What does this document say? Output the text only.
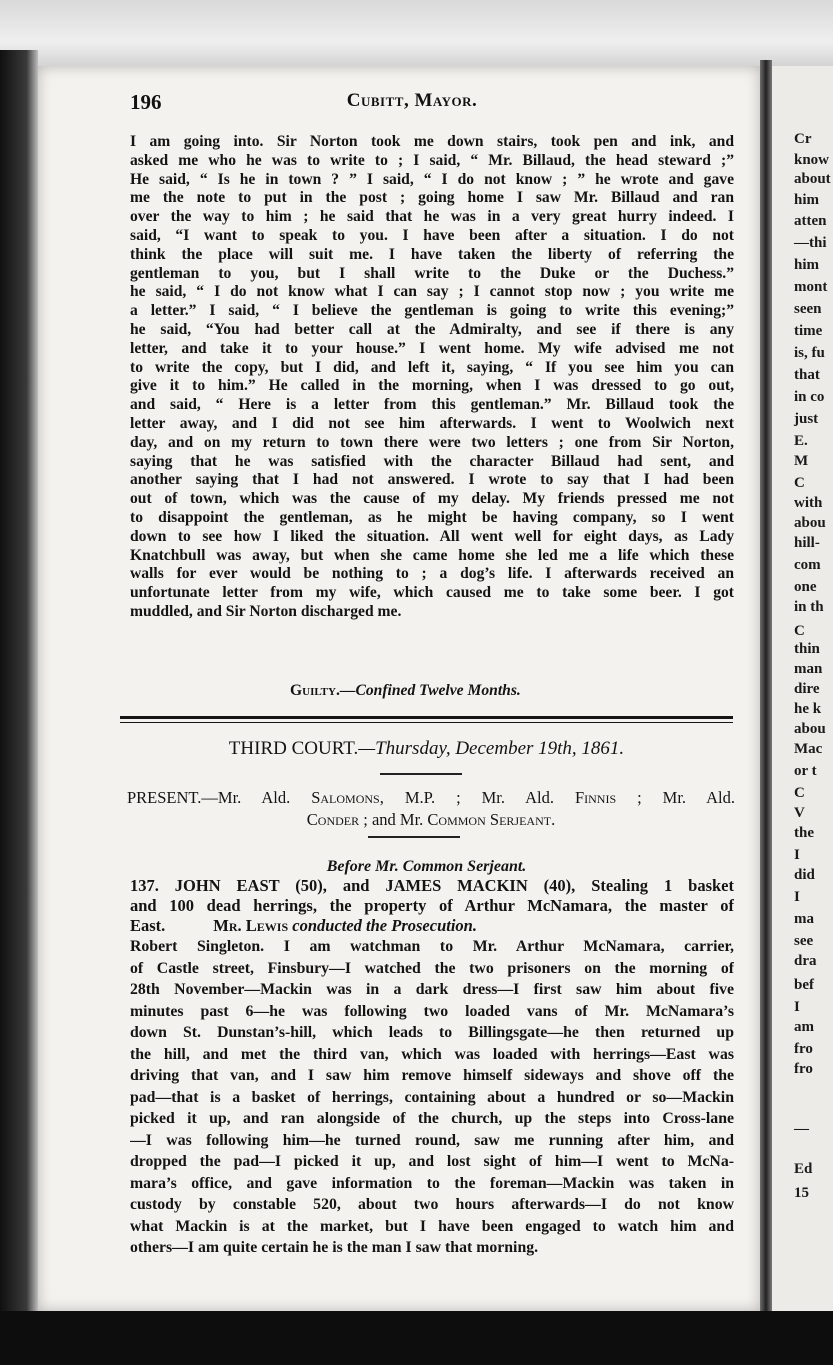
Cr
know
about
him
atten
—thi
him
mont
seen
time
is, fu
that
in co
just
E.
M
C
with
abou
hill-
com
one
in th
C
thin
man
dire
he k
abou
Mac
or t
C
V
the
I
did
I
ma
see
dra
bef
I
am
fro
fro
—
Ed
15
196	Cubitt, Mayor.
I am going into. Sir Norton took me down stairs, took pen and ink, and
asked me who he was to write to ; I said, “ Mr. Billaud, the head steward ;”
He said, “ Is he in town ? ” I said, “ I do not know ; ” he wrote and gave
me the note to put in the post ; going home I saw Mr. Billaud and ran
over the way to him ; he said that he was in a very great hurry indeed. I
said, “I want to speak to you. I have been after a situation. I do not
think the place will suit me. I have taken the liberty of referring the
gentleman to you, but I shall write to the Duke or the Duchess.”
he said, “ I do not know what I can say ; I cannot stop now ; you write me
a letter.” I said, “ I believe the gentleman is going to write this evening;”
he said, “You had better call at the Admiralty, and see if there is any
letter, and take it to your house.” I went home. My wife advised me not
to write the copy, but I did, and left it, saying, “ If you see him you can
give it to him.” He called in the morning, when I was dressed to go out,
and said, “ Here is a letter from this gentleman.” Mr. Billaud took the
letter away, and I did not see him afterwards. I went to Woolwich next
day, and on my return to town there were two letters ; one from Sir Norton,
saying that he was satisfied with the character Billaud had sent, and
another saying that I had not answered. I wrote to say that I had been
out of town, which was the cause of my delay. My friends pressed me not
to disappoint the gentleman, as he might be having company, so I went
down to see how I liked the situation. All went well for eight days, as Lady
Knatchbull was away, but when she came home she led me a life which these
walls for ever would be nothing to ; a dog’s life. I afterwards received an
unfortunate letter from my wife, which caused me to take some beer. I got
muddled, and Sir Norton discharged me.
Guilty.—Confined Twelve Months.
THIRD COURT.—Thursday, December 19th, 1861.
PRESENT.—Mr. Ald. Salomons, M.P. ; Mr. Ald. Finnis ; Mr. Ald.
Conder ; and Mr. Common Serjeant.
Before Mr. Common Serjeant.
137. JOHN EAST (50), and JAMES MACKIN (40), Stealing 1 basket
and 100 dead herrings, the property of Arthur McNamara, the master of
East.	Mr. Lewis conducted the Prosecution.
Robert Singleton. I am watchman to Mr. Arthur McNamara, carrier,
of Castle street, Finsbury—I watched the two prisoners on the morning of
28th November—Mackin was in a dark dress—I first saw him about five
minutes past 6—he was following two loaded vans of Mr. McNamara’s
down St. Dunstan’s-hill, which leads to Billingsgate—he then returned up
the hill, and met the third van, which was loaded with herrings—East was
driving that van, and I saw him remove himself sideways and shove off the
pad—that is a basket of herrings, containing about a hundred or so—Mackin
picked it up, and ran alongside of the church, up the steps into Cross-lane
—I was following him—he turned round, saw me running after him, and
dropped the pad—I picked it up, and lost sight of him—I went to McNa-
mara’s office, and gave information to the foreman—Mackin was taken in
custody by constable 520, about two hours afterwards—I do not know
what Mackin is at the market, but I have been engaged to watch him and
others—I am quite certain he is the man I saw that morning.
